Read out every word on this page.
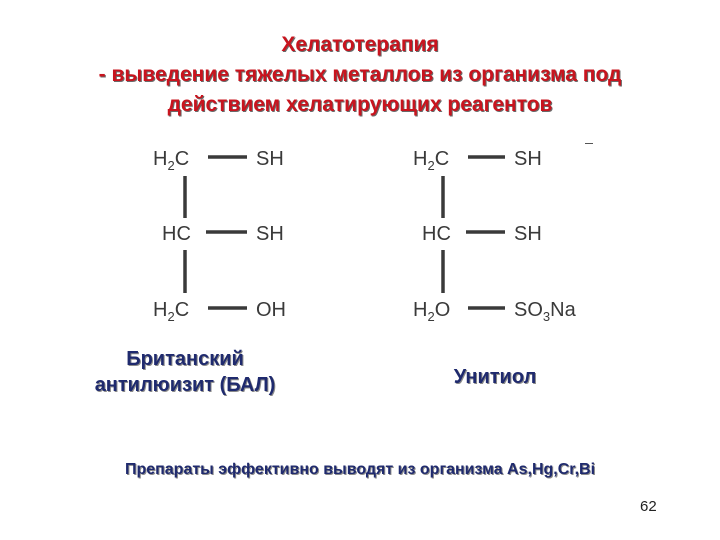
Хелатотерапия
- выведение тяжелых металлов из организма под
действием хелатирующих реагентов
$H_2C$	SH
HC	SH
$H_2C$	OH
$H_2C$	SH
HC	SH
$H_2O$	$SO_3Na$
Британский
антилюизит (БАЛ)	Унитиол
Препараты эффективно выводят из организма As,Hg,Cr,Bi
62
